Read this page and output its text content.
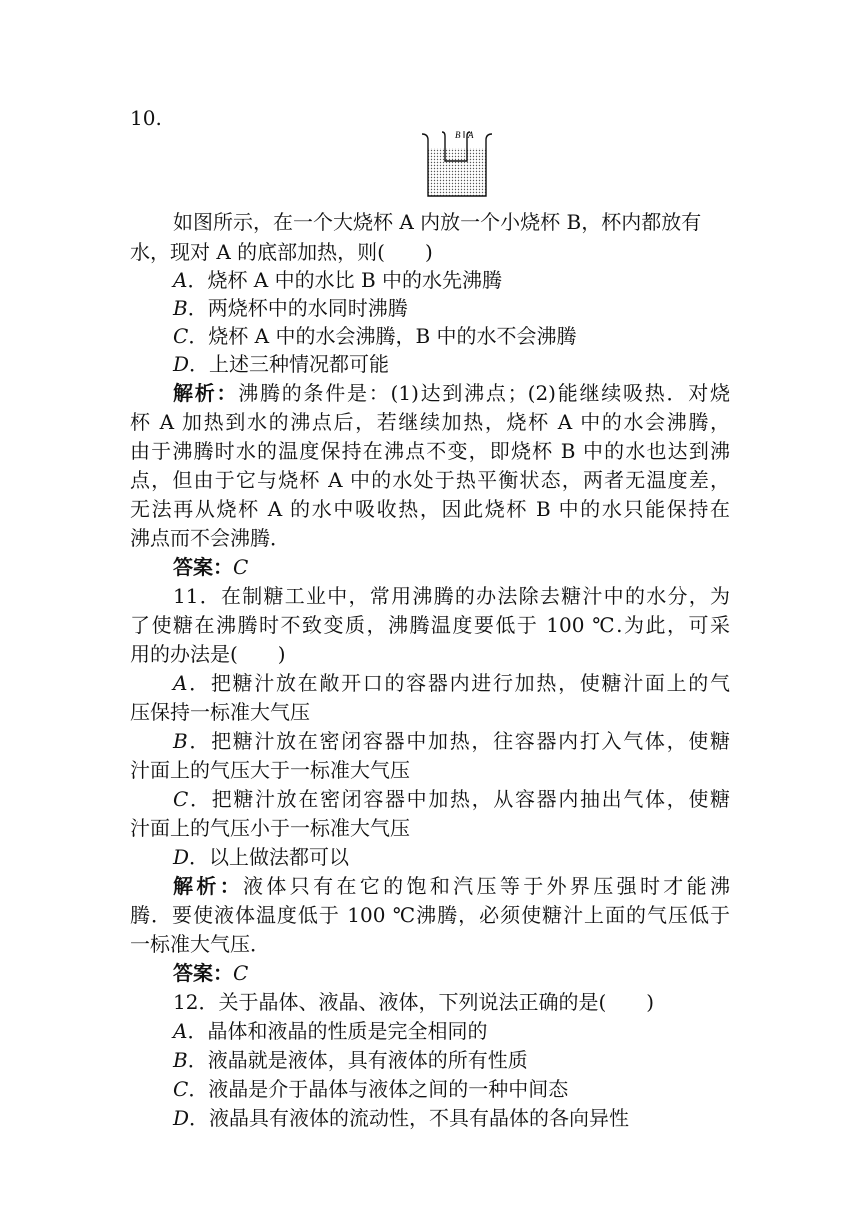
10.
B A
如图所示，在一个大烧杯 A 内放一个小烧杯 B，杯内都放有
水，现对 A 的底部加热，则(　　)
A．烧杯 A 中的水比 B 中的水先沸腾
B．两烧杯中的水同时沸腾
C．烧杯 A 中的水会沸腾，B 中的水不会沸腾
D．上述三种情况都可能
解析：沸腾的条件是：(1)达到沸点；(2)能继续吸热．对烧
杯 A 加热到水的沸点后，若继续加热，烧杯 A 中的水会沸腾，
由于沸腾时水的温度保持在沸点不变，即烧杯 B 中的水也达到沸
点，但由于它与烧杯 A 中的水处于热平衡状态，两者无温度差，
无法再从烧杯 A 的水中吸收热，因此烧杯 B 中的水只能保持在
沸点而不会沸腾．
答案：C
11．在制糖工业中，常用沸腾的办法除去糖汁中的水分，为
了使糖在沸腾时不致变质，沸腾温度要低于 100 ℃.为此，可采
用的办法是(　　)
A．把糖汁放在敞开口的容器内进行加热，使糖汁面上的气
压保持一标准大气压
B．把糖汁放在密闭容器中加热，往容器内打入气体，使糖
汁面上的气压大于一标准大气压
C．把糖汁放在密闭容器中加热，从容器内抽出气体，使糖
汁面上的气压小于一标准大气压
D．以上做法都可以
解析：液体只有在它的饱和汽压等于外界压强时才能沸
腾．要使液体温度低于 100 ℃沸腾，必须使糖汁上面的气压低于
一标准大气压．
答案：C
12．关于晶体、液晶、液体，下列说法正确的是(　　)
A．晶体和液晶的性质是完全相同的
B．液晶就是液体，具有液体的所有性质
C．液晶是介于晶体与液体之间的一种中间态
D．液晶具有液体的流动性，不具有晶体的各向异性
